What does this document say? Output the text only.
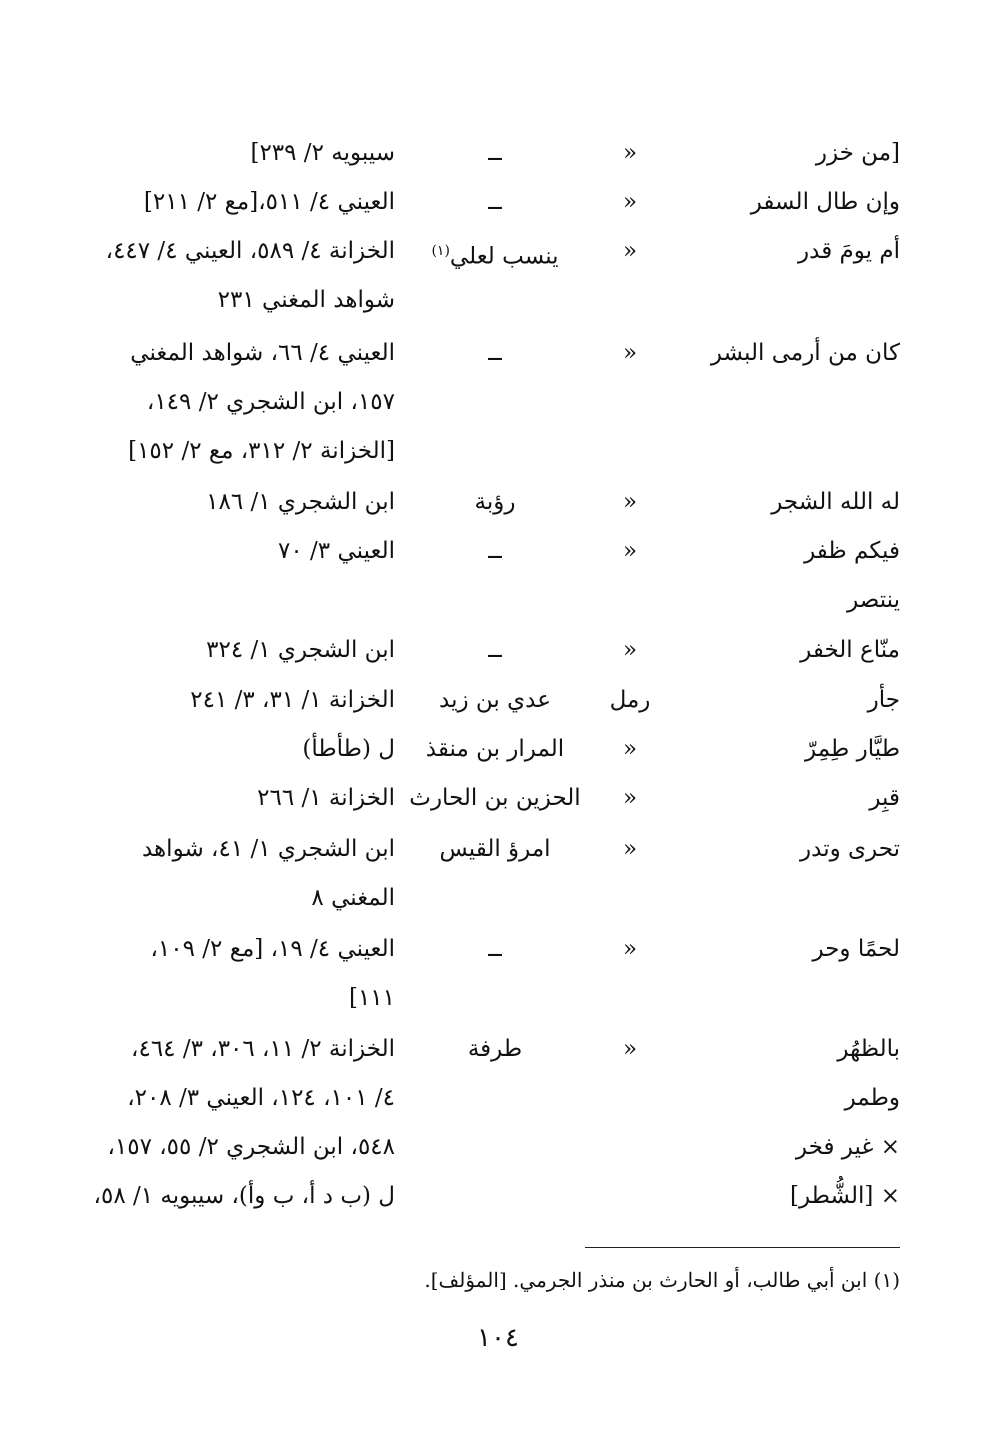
[من خزر
«
ــ
سيبويه ٢/ ٢٣٩]
وإن طال السفر
«
ــ
العيني ٤/ ٥١١،[مع ٢/ ٢١١]
أم يومَ قدر
«
ينسب لعلي$^{(١)}$
الخزانة ٤/ ٥٨٩، العيني ٤/ ٤٤٧،
شواهد المغني ٢٣١
كان من أرمى البشر
«
ــ
العيني ٤/ ٦٦، شواهد المغني
١٥٧، ابن الشجري ٢/ ١٤٩،
[الخزانة ٢/ ٣١٢، مع ٢/ ١٥٢]
له الله الشجر
«
رؤبة
ابن الشجري ١/ ١٨٦
فيكم ظفر
«
ــ
العيني ٣/ ٧٠
ينتصر
منّاع الخفر
«
ــ
ابن الشجري ١/ ٣٢٤
جأر
رمل
عدي بن زيد
الخزانة ١/ ٣١، ٣/ ٢٤١
طيَّار طِمِرّ
«
المرار بن منقذ
ل (طأطأ)
قبِر
«
الحزين بن الحارث
الخزانة ١/ ٢٦٦
تحرى وتدر
«
امرؤ القيس
ابن الشجري ١/ ٤١، شواهد
المغني ٨
لحمًا وحر
«
ــ
العيني ٤/ ١٩، [مع ٢/ ١٠٩،
١١١]
بالظهُر
«
طرفة
الخزانة ٢/ ١١، ٣٠٦، ٣/ ٤٦٤،
وطمر
٤/ ١٠١، ١٢٤، العيني ٣/ ٢٠٨،
× غير فخر
٥٤٨، ابن الشجري ٢/ ٥٥، ١٥٧،
× [الشُّطر]
ل (ب د أ، ب وأ)، سيبويه ١/ ٥٨،
(١) ابن أبي طالب، أو الحارث بن منذر الجرمي. [المؤلف].
١٠٤
